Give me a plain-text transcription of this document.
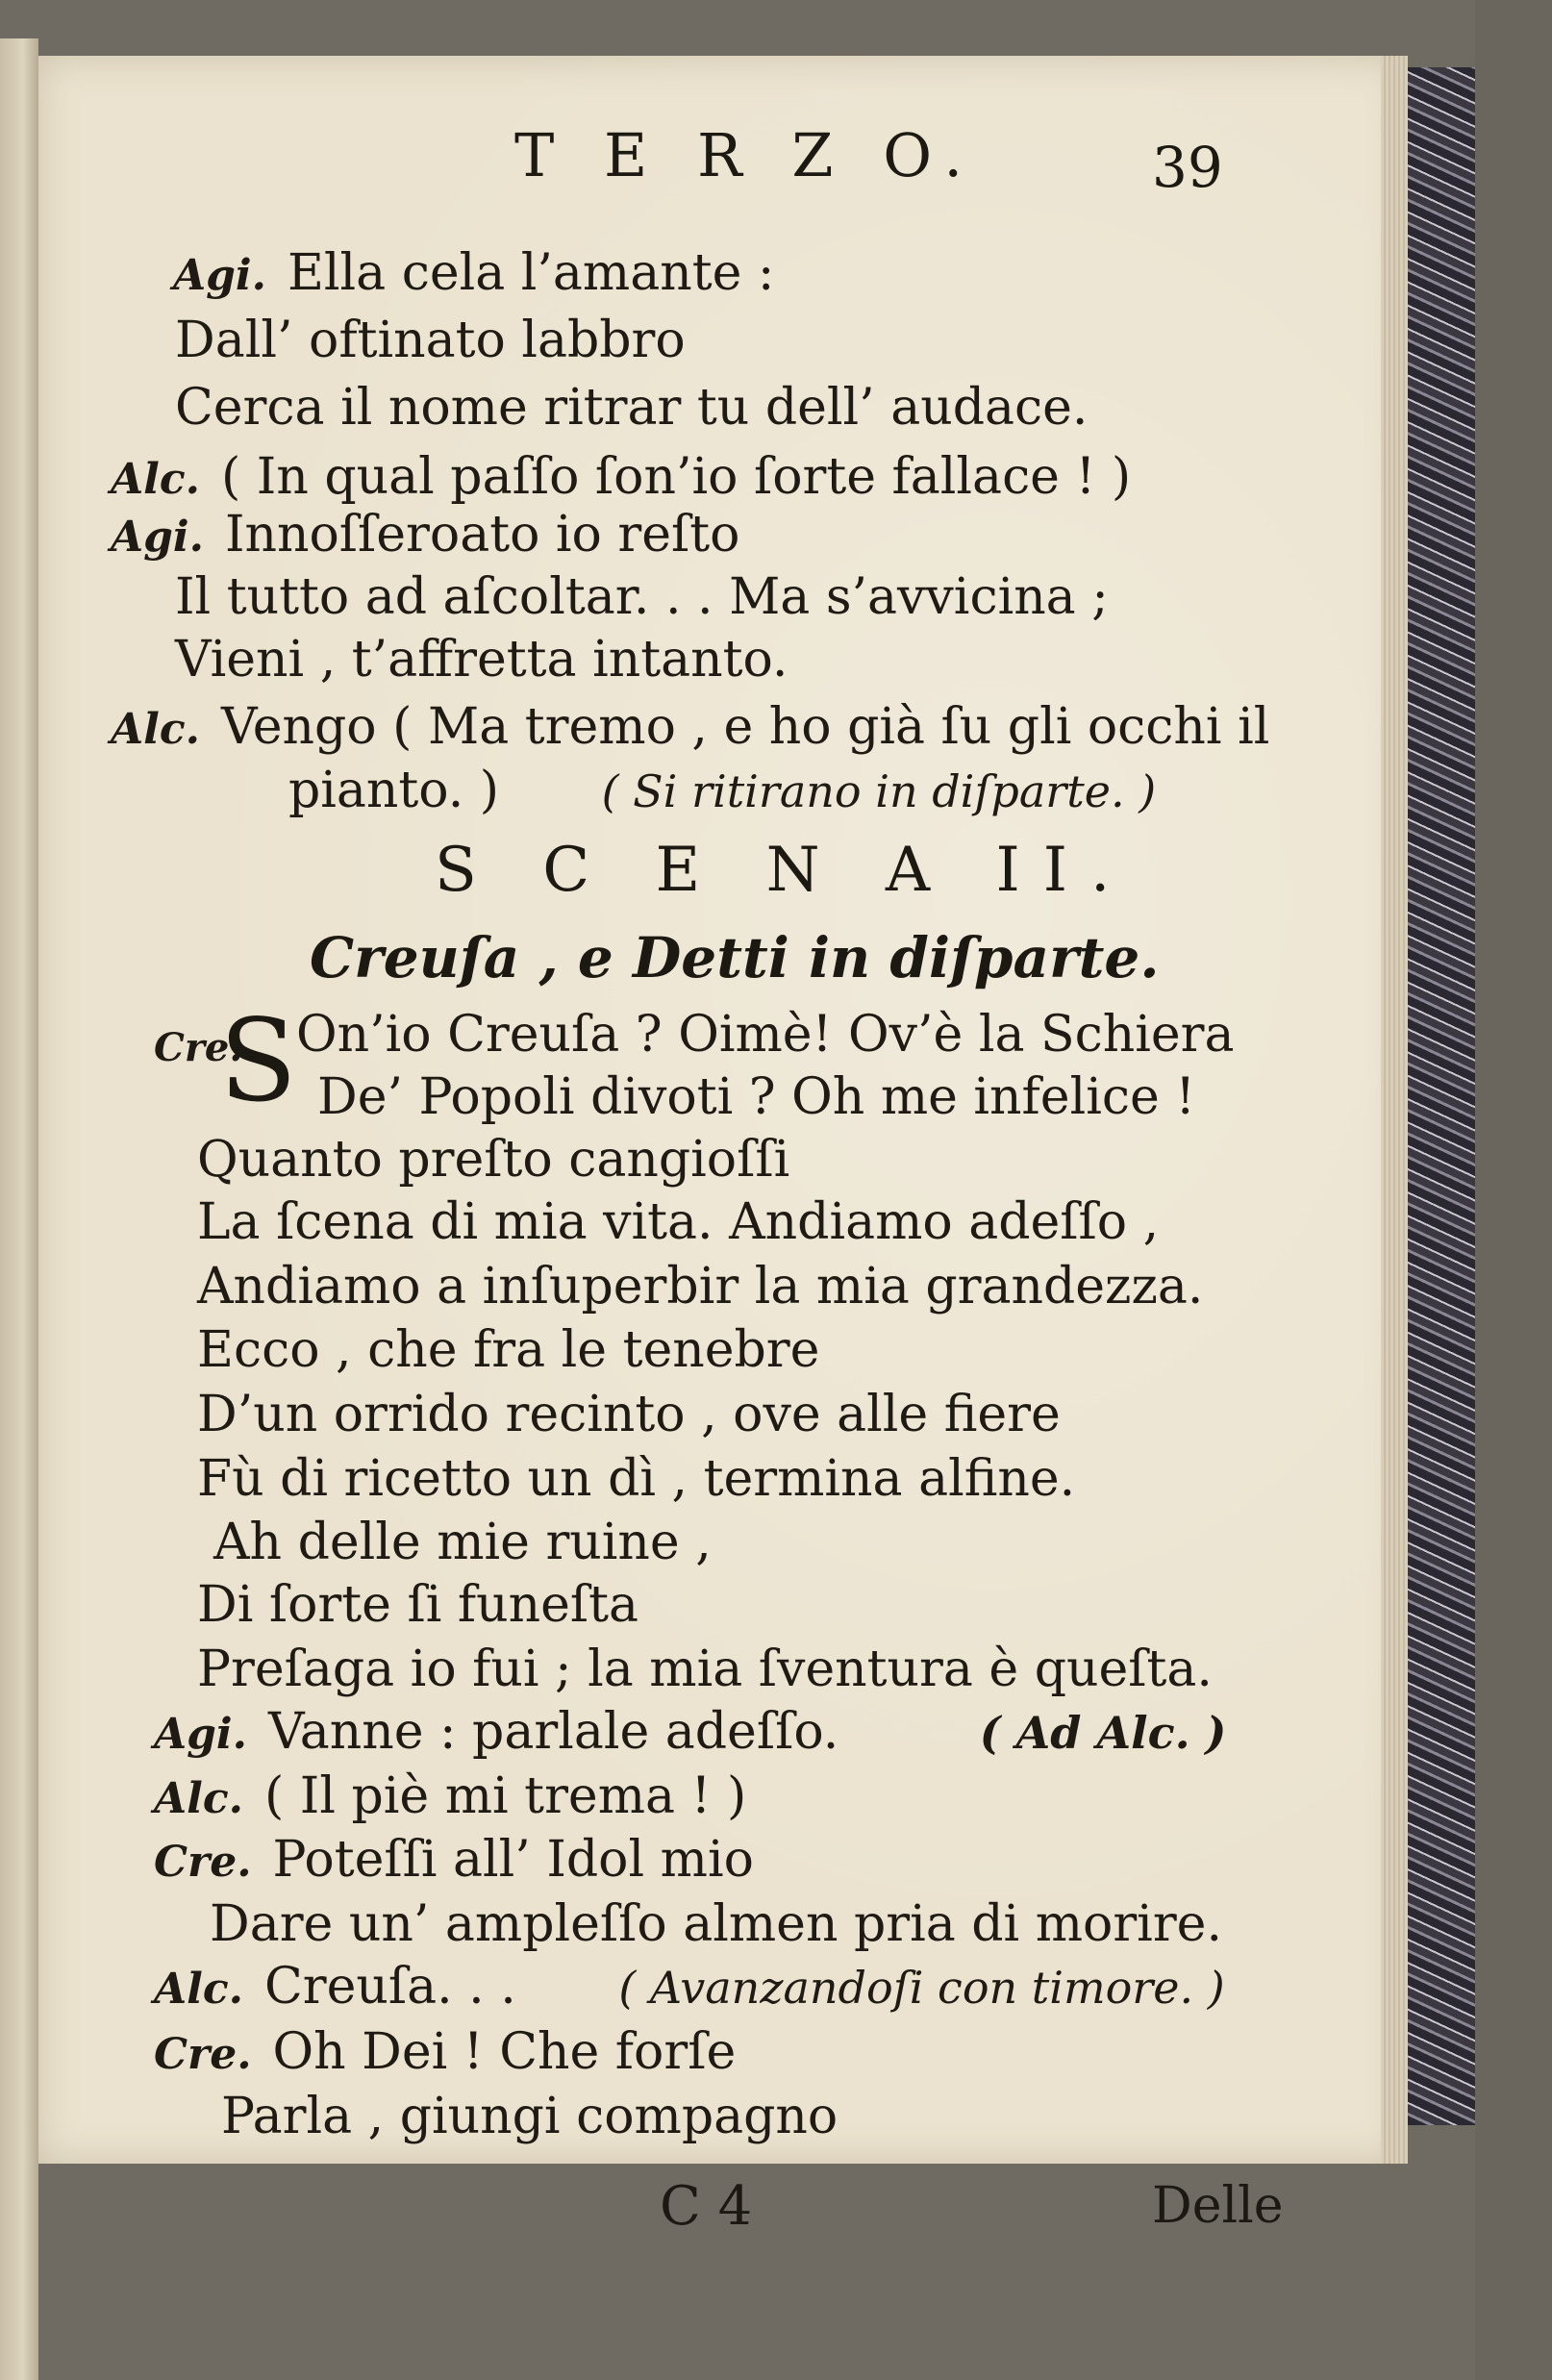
T E R Z O.	39
Agi. Ella cela l’amante :
Dall’ oftinato labbro
Cerca il nome ritrar tu dell’ audace.
Alc. ( In qual paſſo ſon’io ſorte fallace ! )
Agi. Innoſſeroato io reſto
Il tutto ad aſcoltar. . . Ma s’avvicina ;
Vieni , t’affretta intanto.
Alc. Vengo ( Ma tremo , e ho già ſu gli occhi il
pianto. ) ( Si ritirano in diſparte. )
S C E N A II.
Creuſa , e Detti in diſparte.
Cre.
S On’io Creuſa ? Oimè! Ov’è la Schiera
De’ Popoli divoti ? Oh me infelice !
Quanto preſto cangioſſi
La ſcena di mia vita. Andiamo adeſſo ,
Andiamo a inſuperbir la mia grandezza.
Ecco , che fra le tenebre
D’un orrido recinto , ove alle fiere
Fù di ricetto un dì , termina alfine.
Ah delle mie ruine ,
Di ſorte ſi funeſta
Preſaga io fui ; la mia ſventura è queſta.
Agi. Vanne : parlale adeſſo.	( Ad Alc. )
Alc. ( Il piè mi trema ! )
Cre. Poteſſi all’ Idol mio
Dare un’ ampleſſo almen pria di morire.
Alc. Creuſa. . . ( Avanzandoſi con timore. )
Cre. Oh Dei ! Che forſe
Parla , giungi compagno
C 4	Delle
